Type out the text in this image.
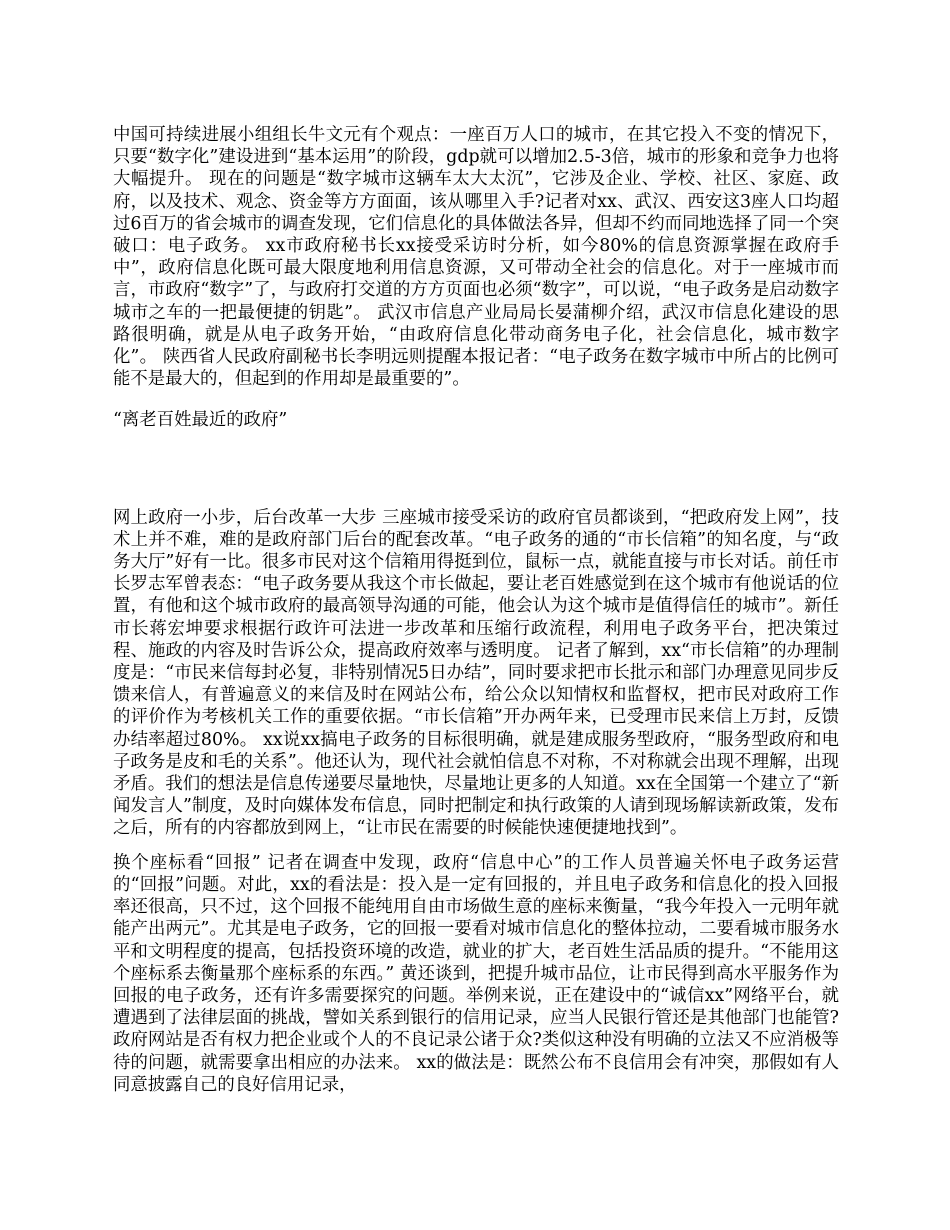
中国可持续进展小组组长牛文元有个观点：一座百万人口的城市，在其它投入不变的情况下，只要“数字化”建设进到“基本运用”的阶段，gdp就可以增加2.5-3倍，城市的形象和竞争力也将大幅提升。 现在的问题是“数字城市这辆车太大太沉”，它涉及企业、学校、社区、家庭、政府，以及技术、观念、资金等方方面面，该从哪里入手?记者对xx、武汉、西安这3座人口均超过6百万的省会城市的调查发现，它们信息化的具体做法各异，但却不约而同地选择了同一个突破口：电子政务。 xx市政府秘书长xx接受采访时分析，如今80%的信息资源掌握在政府手中”，政府信息化既可最大限度地利用信息资源，又可带动全社会的信息化。对于一座城市而言，市政府“数字”了，与政府打交道的方方页面也必须“数字”，可以说，“电子政务是启动数字城市之车的一把最便捷的钥匙”。 武汉市信息产业局局长晏蒲柳介绍，武汉市信息化建设的思路很明确，就是从电子政务开始，“由政府信息化带动商务电子化，社会信息化，城市数字化”。 陕西省人民政府副秘书长李明远则提醒本报记者：“电子政务在数字城市中所占的比例可能不是最大的，但起到的作用却是最重要的”。

“离老百姓最近的政府”

网上政府一小步，后台改革一大步 三座城市接受采访的政府官员都谈到，“把政府发上网”，技术上并不难，难的是政府部门后台的配套改革。“电子政务的通的“市长信箱”的知名度，与“政务大厅”好有一比。很多市民对这个信箱用得挺到位，鼠标一点，就能直接与市长对话。前任市长罗志军曾表态：“电子政务要从我这个市长做起，要让老百姓感觉到在这个城市有他说话的位置，有他和这个城市政府的最高领导沟通的可能，他会认为这个城市是值得信任的城市”。新任市长蒋宏坤要求根据行政许可法进一步改革和压缩行政流程，利用电子政务平台，把决策过程、施政的内容及时告诉公众，提高政府效率与透明度。 记者了解到，xx“市长信箱”的办理制度是：“市民来信每封必复，非特别情况5日办结”，同时要求把市长批示和部门办理意见同步反馈来信人，有普遍意义的来信及时在网站公布，给公众以知情权和监督权，把市民对政府工作的评价作为考核机关工作的重要依据。“市长信箱”开办两年来，已受理市民来信上万封，反馈办结率超过80%。 xx说xx搞电子政务的目标很明确，就是建成服务型政府，“服务型政府和电子政务是皮和毛的关系”。他还认为，现代社会就怕信息不对称，不对称就会出现不理解，出现矛盾。我们的想法是信息传递要尽量地快，尽量地让更多的人知道。xx在全国第一个建立了“新闻发言人”制度，及时向媒体发布信息，同时把制定和执行政策的人请到现场解读新政策，发布之后，所有的内容都放到网上，“让市民在需要的时候能快速便捷地找到”。

换个座标看“回报” 记者在调查中发现，政府“信息中心”的工作人员普遍关怀电子政务运营的“回报”问题。对此，xx的看法是：投入是一定有回报的，并且电子政务和信息化的投入回报率还很高，只不过，这个回报不能纯用自由市场做生意的座标来衡量，“我今年投入一元明年就能产出两元”。尤其是电子政务，它的回报一要看对城市信息化的整体拉动，二要看城市服务水平和文明程度的提高，包括投资环境的改造，就业的扩大，老百姓生活品质的提升。“不能用这个座标系去衡量那个座标系的东西。” 黄还谈到，把提升城市品位，让市民得到高水平服务作为回报的电子政务，还有许多需要探究的问题。举例来说，正在建设中的“诚信xx”网络平台，就遭遇到了法律层面的挑战，譬如关系到银行的信用记录，应当人民银行管还是其他部门也能管?政府网站是否有权力把企业或个人的不良记录公诸于众?类似这种没有明确的立法又不应消极等待的问题，就需要拿出相应的办法来。 xx的做法是：既然公布不良信用会有冲突，那假如有人同意披露自己的良好信用记录，
